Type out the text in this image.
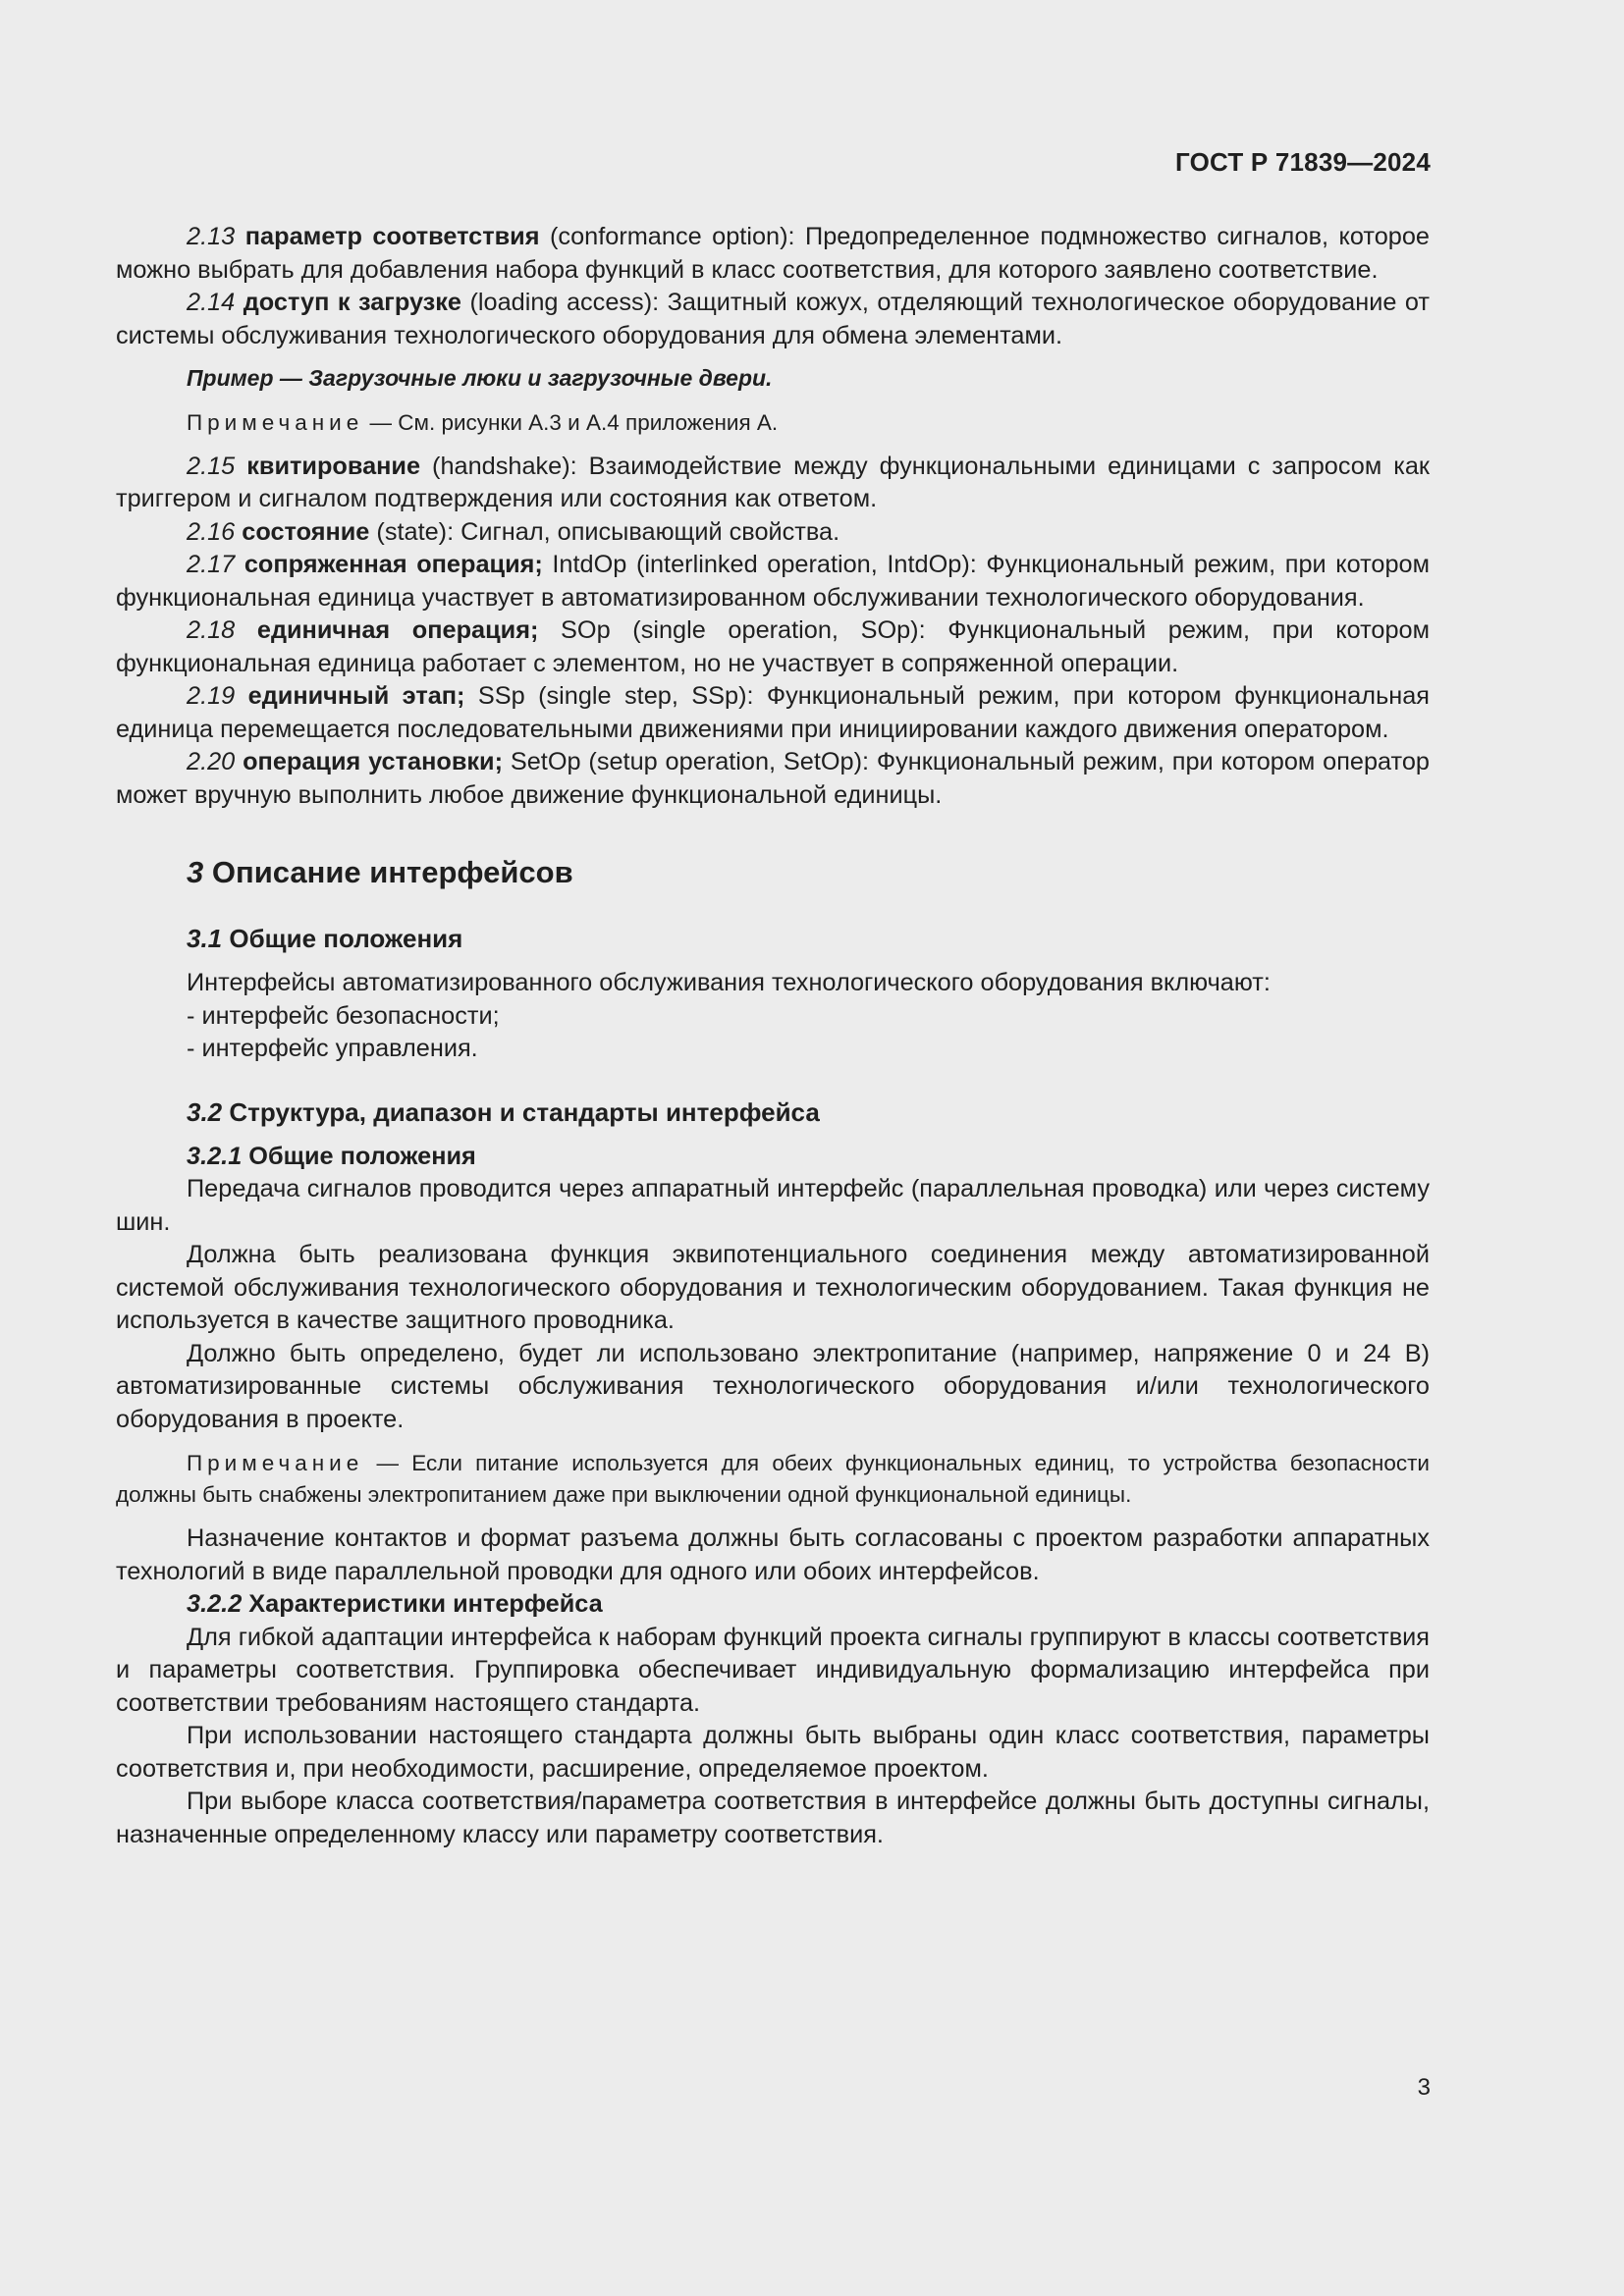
ГОСТ Р 71839—2024

2.13 параметр соответствия (conformance option): Предопределенное подмножество сигналов, которое можно выбрать для добавления набора функций в класс соответствия, для которого заявлено соответствие.

2.14 доступ к загрузке (loading access): Защитный кожух, отделяющий технологическое оборудование от системы обслуживания технологического оборудования для обмена элементами.

Пример — Загрузочные люки и загрузочные двери.

Примечание — См. рисунки А.3 и А.4 приложения А.

2.15 квитирование (handshake): Взаимодействие между функциональными единицами с запросом как триггером и сигналом подтверждения или состояния как ответом.

2.16 состояние (state): Сигнал, описывающий свойства.

2.17 сопряженная операция; IntdOp (interlinked operation, IntdOp): Функциональный режим, при котором функциональная единица участвует в автоматизированном обслуживании технологического оборудования.

2.18 единичная операция; SOp (single operation, SOp): Функциональный режим, при котором функциональная единица работает с элементом, но не участвует в сопряженной операции.

2.19 единичный этап; SSp (single step, SSp): Функциональный режим, при котором функциональная единица перемещается последовательными движениями при инициировании каждого движения оператором.

2.20 операция установки; SetOp (setup operation, SetOp): Функциональный режим, при котором оператор может вручную выполнить любое движение функциональной единицы.

3 Описание интерфейсов
3.1 Общие положения

Интерфейсы автоматизированного обслуживания технологического оборудования включают:

- интерфейс безопасности;

- интерфейс управления.

3.2 Структура, диапазон и стандарты интерфейса
3.2.1 Общие положения

Передача сигналов проводится через аппаратный интерфейс (параллельная проводка) или через систему шин.

Должна быть реализована функция эквипотенциального соединения между автоматизированной системой обслуживания технологического оборудования и технологическим оборудованием. Такая функция не используется в качестве защитного проводника.

Должно быть определено, будет ли использовано электропитание (например, напряжение 0 и 24 В) автоматизированные системы обслуживания технологического оборудования и/или технологического оборудования в проекте.

Примечание — Если питание используется для обеих функциональных единиц, то устройства безопасности должны быть снабжены электропитанием даже при выключении одной функциональной единицы.

Назначение контактов и формат разъема должны быть согласованы с проектом разработки аппаратных технологий в виде параллельной проводки для одного или обоих интерфейсов.

3.2.2 Характеристики интерфейса

Для гибкой адаптации интерфейса к наборам функций проекта сигналы группируют в классы соответствия и параметры соответствия. Группировка обеспечивает индивидуальную формализацию интерфейса при соответствии требованиям настоящего стандарта.

При использовании настоящего стандарта должны быть выбраны один класс соответствия, параметры соответствия и, при необходимости, расширение, определяемое проектом.

При выборе класса соответствия/параметра соответствия в интерфейсе должны быть доступны сигналы, назначенные определенному классу или параметру соответствия.

3
